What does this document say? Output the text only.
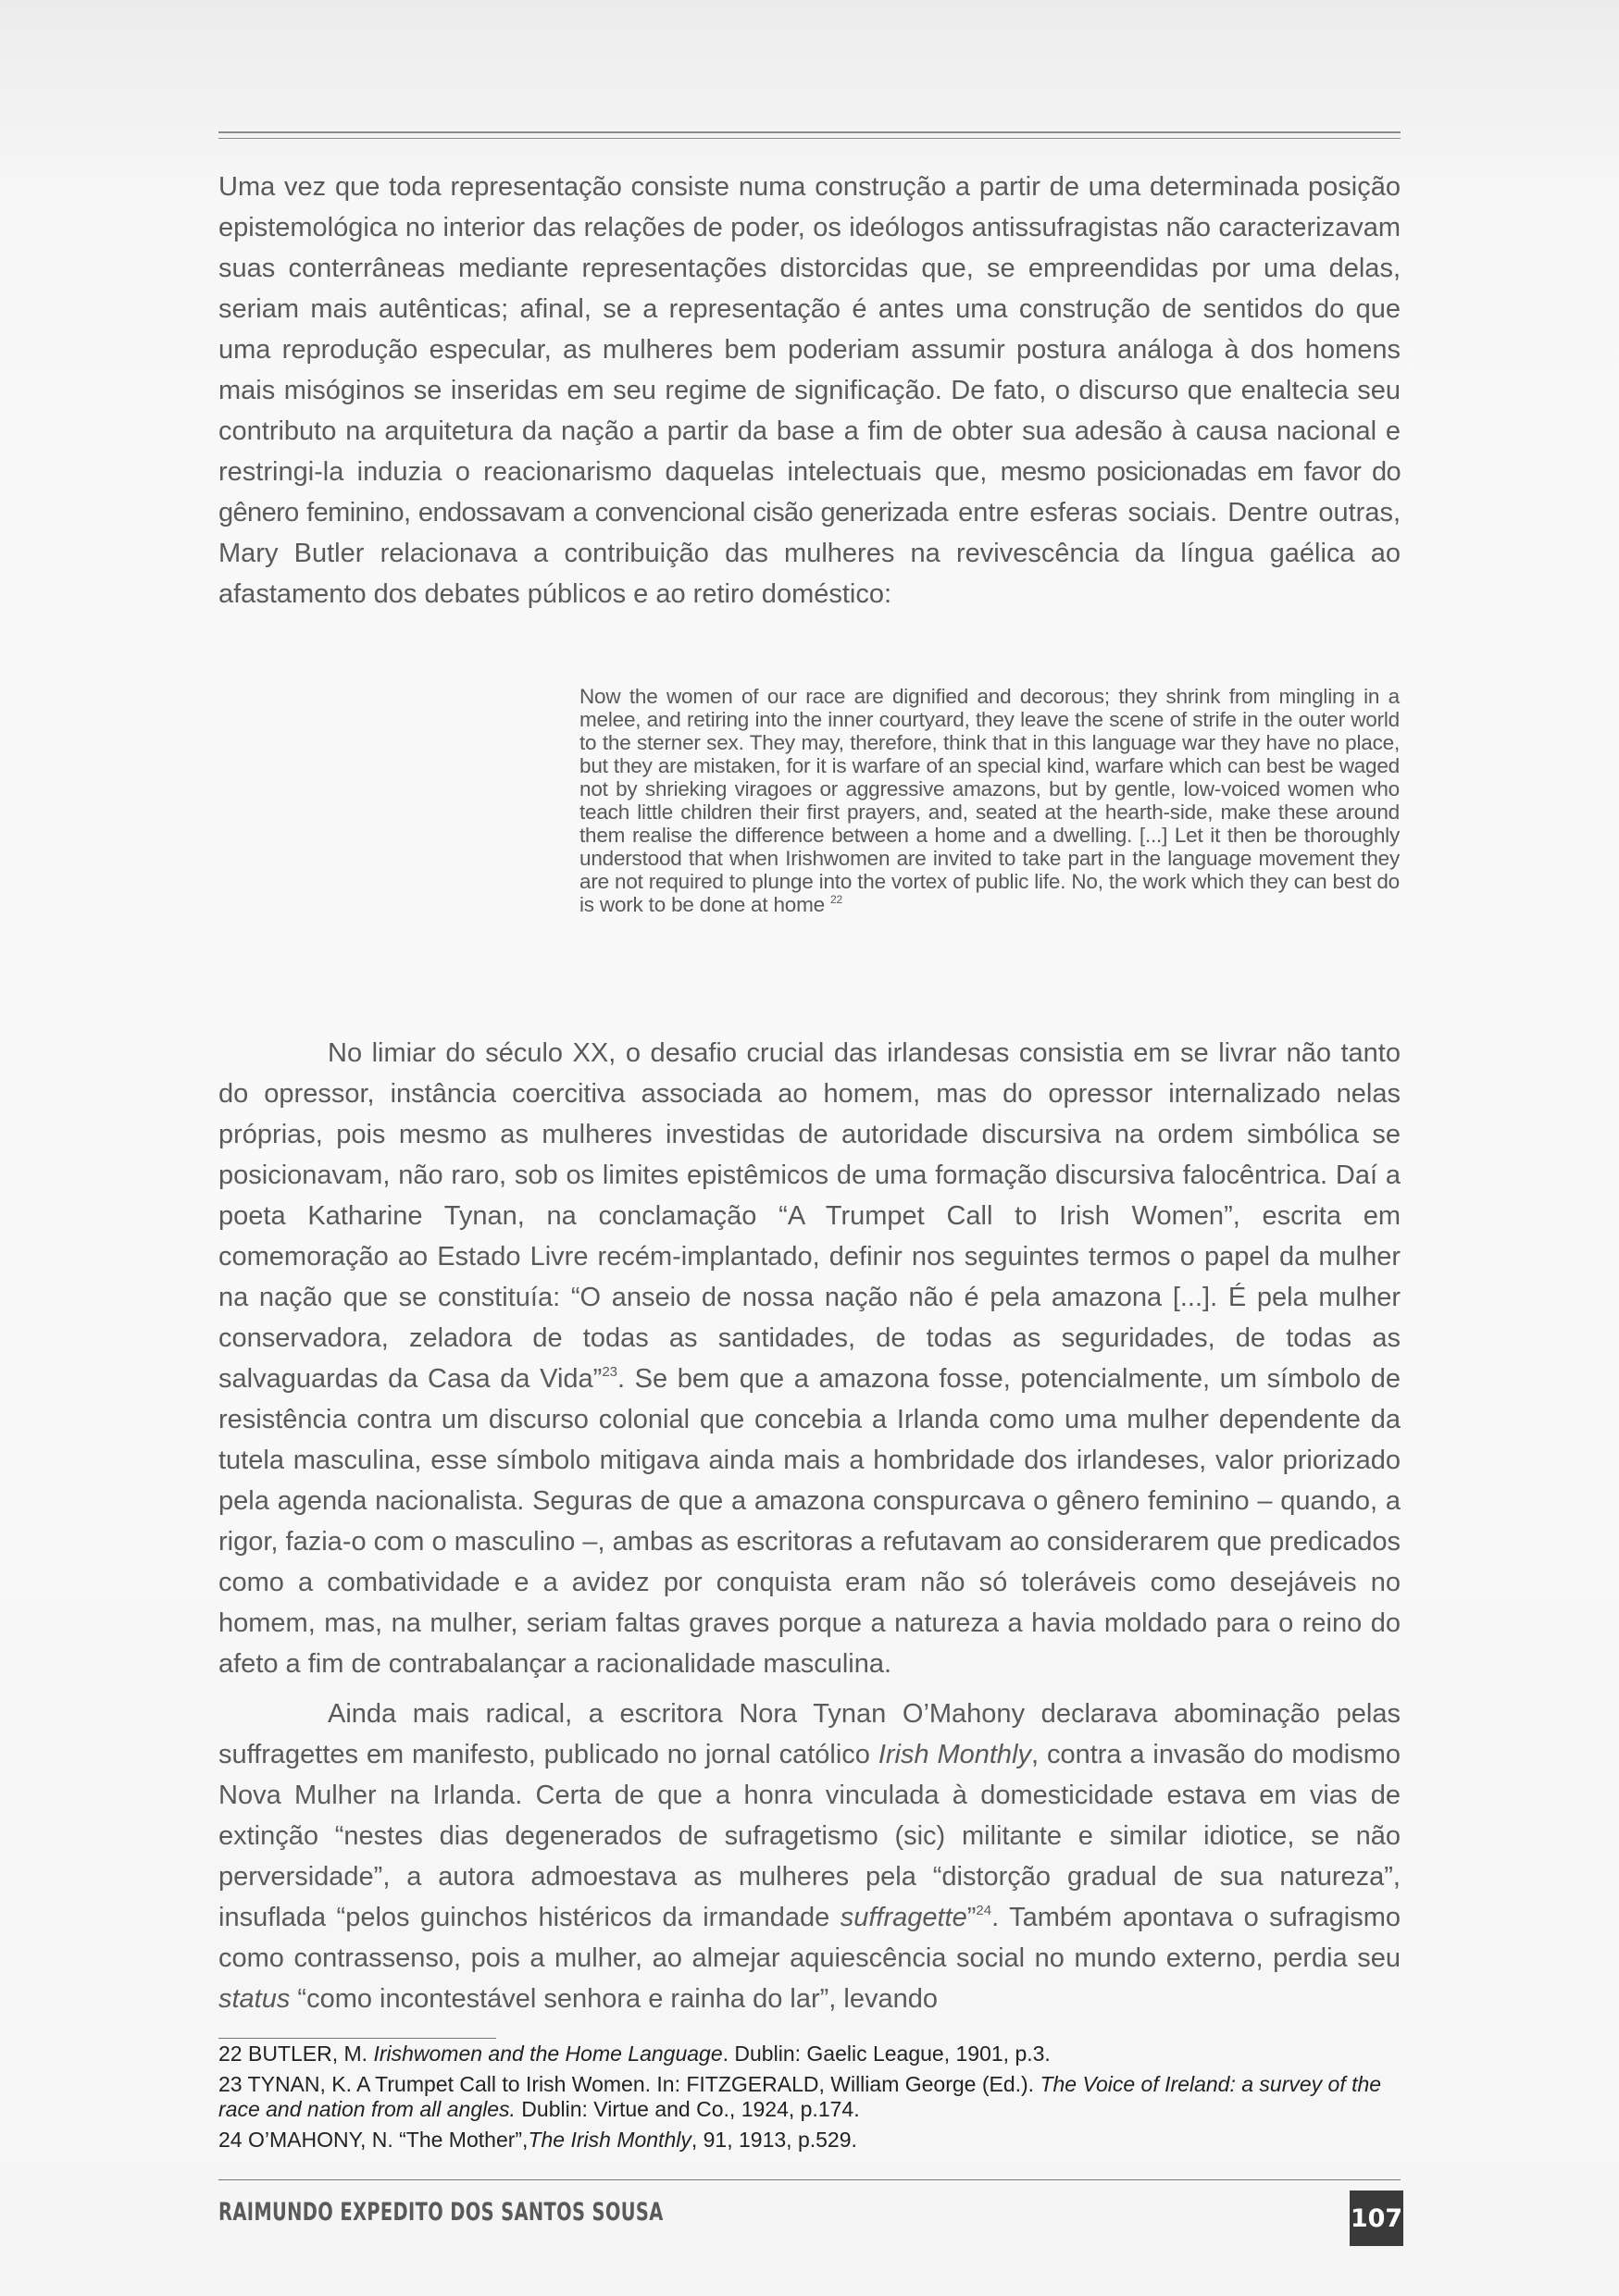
Uma vez que toda representação consiste numa construção a partir de uma determinada posição epistemológica no interior das relações de poder, os ideólogos antissufragistas não caracterizavam suas conterrâneas mediante representações distorcidas que, se empreendidas por uma delas, seriam mais autênticas; afinal, se a representação é antes uma construção de sentidos do que uma reprodução especular, as mulheres bem poderiam assumir postura análoga à dos homens mais misóginos se inseridas em seu regime de significação. De fato, o discurso que enaltecia seu contributo na arquitetura da nação a partir da base a fim de obter sua adesão à causa nacional e restringi-la induzia o reacionarismo daquelas intelectuais que, mesmo posicionadas em favor do gênero feminino, endossavam a convencional cisão generizada entre esferas sociais. Dentre outras, Mary Butler relacionava a contribuição das mulheres na revivescência da língua gaélica ao afastamento dos debates públicos e ao retiro doméstico:

Now the women of our race are dignified and decorous; they shrink from mingling in a melee, and retiring into the inner courtyard, they leave the scene of strife in the outer world to the sterner sex. They may, therefore, think that in this language war they have no place, but they are mistaken, for it is warfare of an special kind, warfare which can best be waged not by shrieking viragoes or aggressive amazons, but by gentle, low-voiced women who teach little children their first prayers, and, seated at the hearth-side, make these around them realise the difference between a home and a dwelling. [...] Let it then be thoroughly understood that when Irishwomen are invited to take part in the language movement they are not required to plunge into the vortex of public life. No, the work which they can best do is work to be done at home $^{22}$

No limiar do século XX, o desafio crucial das irlandesas consistia em se livrar não tanto do opressor, instância coercitiva associada ao homem, mas do opressor internalizado nelas próprias, pois mesmo as mulheres investidas de autoridade discursiva na ordem simbólica se posicionavam, não raro, sob os limites epistêmicos de uma formação discursiva falocêntrica. Daí a poeta Katharine Tynan, na conclamação “A Trumpet Call to Irish Women”, escrita em comemoração ao Estado Livre recém-implantado, definir nos seguintes termos o papel da mulher na nação que se constituía: “O anseio de nossa nação não é pela amazona [...]. É pela mulher conservadora, zeladora de todas as santidades, de todas as seguridades, de todas as salvaguardas da Casa da Vida”$^{23}$. Se bem que a amazona fosse, potencialmente, um símbolo de resistência contra um discurso colonial que concebia a Irlanda como uma mulher dependente da tutela masculina, esse símbolo mitigava ainda mais a hombridade dos irlandeses, valor priorizado pela agenda nacionalista. Seguras de que a amazona conspurcava o gênero feminino – quando, a rigor, fazia-o com o masculino –, ambas as escritoras a refutavam ao considerarem que predicados como a combatividade e a avidez por conquista eram não só toleráveis como desejáveis no homem, mas, na mulher, seriam faltas graves porque a natureza a havia moldado para o reino do afeto a fim de contrabalançar a racionalidade masculina.

Ainda mais radical, a escritora Nora Tynan O’Mahony declarava abominação pelas suffragettes em manifesto, publicado no jornal católico Irish Monthly, contra a invasão do modismo Nova Mulher na Irlanda. Certa de que a honra vinculada à domesticidade estava em vias de extinção “nestes dias degenerados de sufragetismo (sic) militante e similar idiotice, se não perversidade”, a autora admoestava as mulheres pela “distorção gradual de sua natureza”, insuflada “pelos guinchos histéricos da irmandade suffragette”$^{24}$. Também apontava o sufragismo como contrassenso, pois a mulher, ao almejar aquiescência social no mundo externo, perdia seu status “como incontestável senhora e rainha do lar”, levando

22 BUTLER, M. Irishwomen and the Home Language. Dublin: Gaelic League, 1901, p.3.

23 TYNAN, K. A Trumpet Call to Irish Women. In: FITZGERALD, William George (Ed.). The Voice of Ireland: a survey of the race and nation from all angles. Dublin: Virtue and Co., 1924, p.174.

24 O’MAHONY, N. “The Mother”,The Irish Monthly, 91, 1913, p.529.

RAIMUNDO EXPEDITO DOS SANTOS SOUSA	107
